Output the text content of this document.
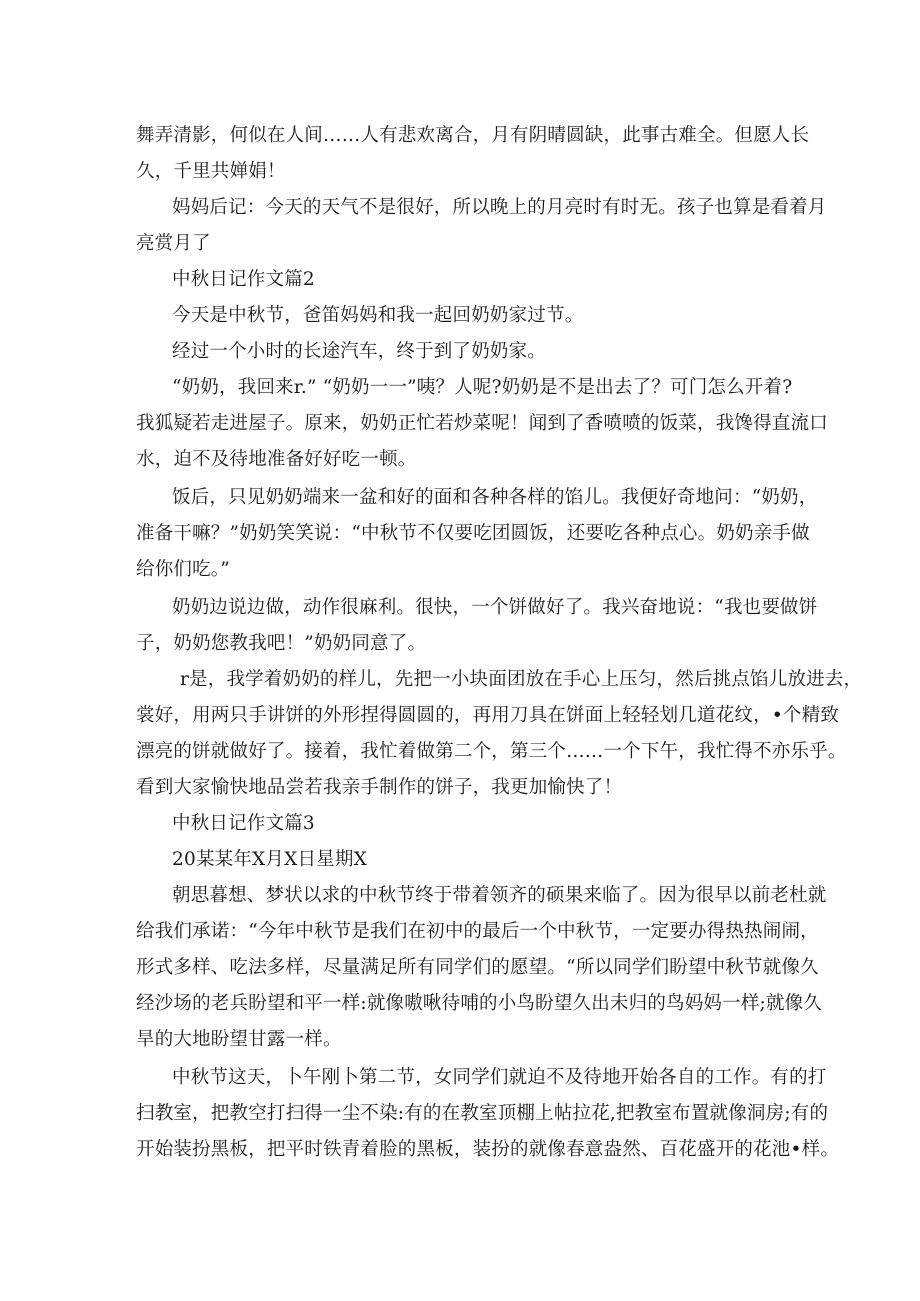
舞弄清影，何似在人间……人有悲欢离合，月有阴晴圆缺，此事古难全。但愿人长
久，千里共婵娟！
妈妈后记：今天的天气不是很好，所以晚上的月亮时有时无。孩子也算是看着月
亮赏月了
中秋日记作文篇2
今天是中秋节，爸笛妈妈和我一起回奶奶家过节。
经过一个小时的长途汽车，终于到了奶奶家。
“奶奶，我回来r.” “奶奶一一”咦？人呢?奶奶是不是出去了？可门怎么开着?
我狐疑若走进屋子。原来，奶奶正忙若炒菜呢！闻到了香喷喷的饭菜，我馋得直流口
水，迫不及待地准备好好吃一顿。
饭后，只见奶奶端来一盆和好的面和各种各样的馅儿。我便好奇地问：“奶奶，
准备干嘛？”奶奶笑笑说：“中秋节不仅要吃团圆饭，还要吃各种点心。奶奶亲手做
给你们吃。”
奶奶边说边做，动作很麻利。很快，一个饼做好了。我兴奋地说：“我也要做饼
子，奶奶您教我吧！”奶奶同意了。
r是，我学着奶奶的样儿，先把一小块面团放在手心上压匀，然后挑点馅儿放进去，
裳好，用两只手讲饼的外形捏得圆圆的，再用刀具在饼面上轻轻划几道花纹，•个精致
漂亮的饼就做好了。接着，我忙着做第二个，第三个……一个下午，我忙得不亦乐乎。
看到大家愉快地品尝若我亲手制作的饼子，我更加愉快了！
中秋日记作文篇3
20某某年X月X日星期X
朝思暮想、梦状以求的中秋节终于带着领齐的硕果来临了。因为很早以前老杜就
给我们承诺：“今年中秋节是我们在初中的最后一个中秋节，一定要办得热热闹闹，
形式多样、吃法多样，尽量满足所有同学们的愿望。“所以同学们盼望中秋节就像久
经沙场的老兵盼望和平一样:就像嗷啾待哺的小鸟盼望久出未归的鸟妈妈一样;就像久
旱的大地盼望甘露一样。
中秋节这天，卜午刚卜第二节，女同学们就迫不及待地开始各自的工作。有的打
扫教室，把教空打扫得一尘不染:有的在教室顶棚上帖拉花,把教室布置就像洞房;有的
开始装扮黑板，把平时铁青着脸的黑板，装扮的就像春意盎然、百花盛开的花池•样。
